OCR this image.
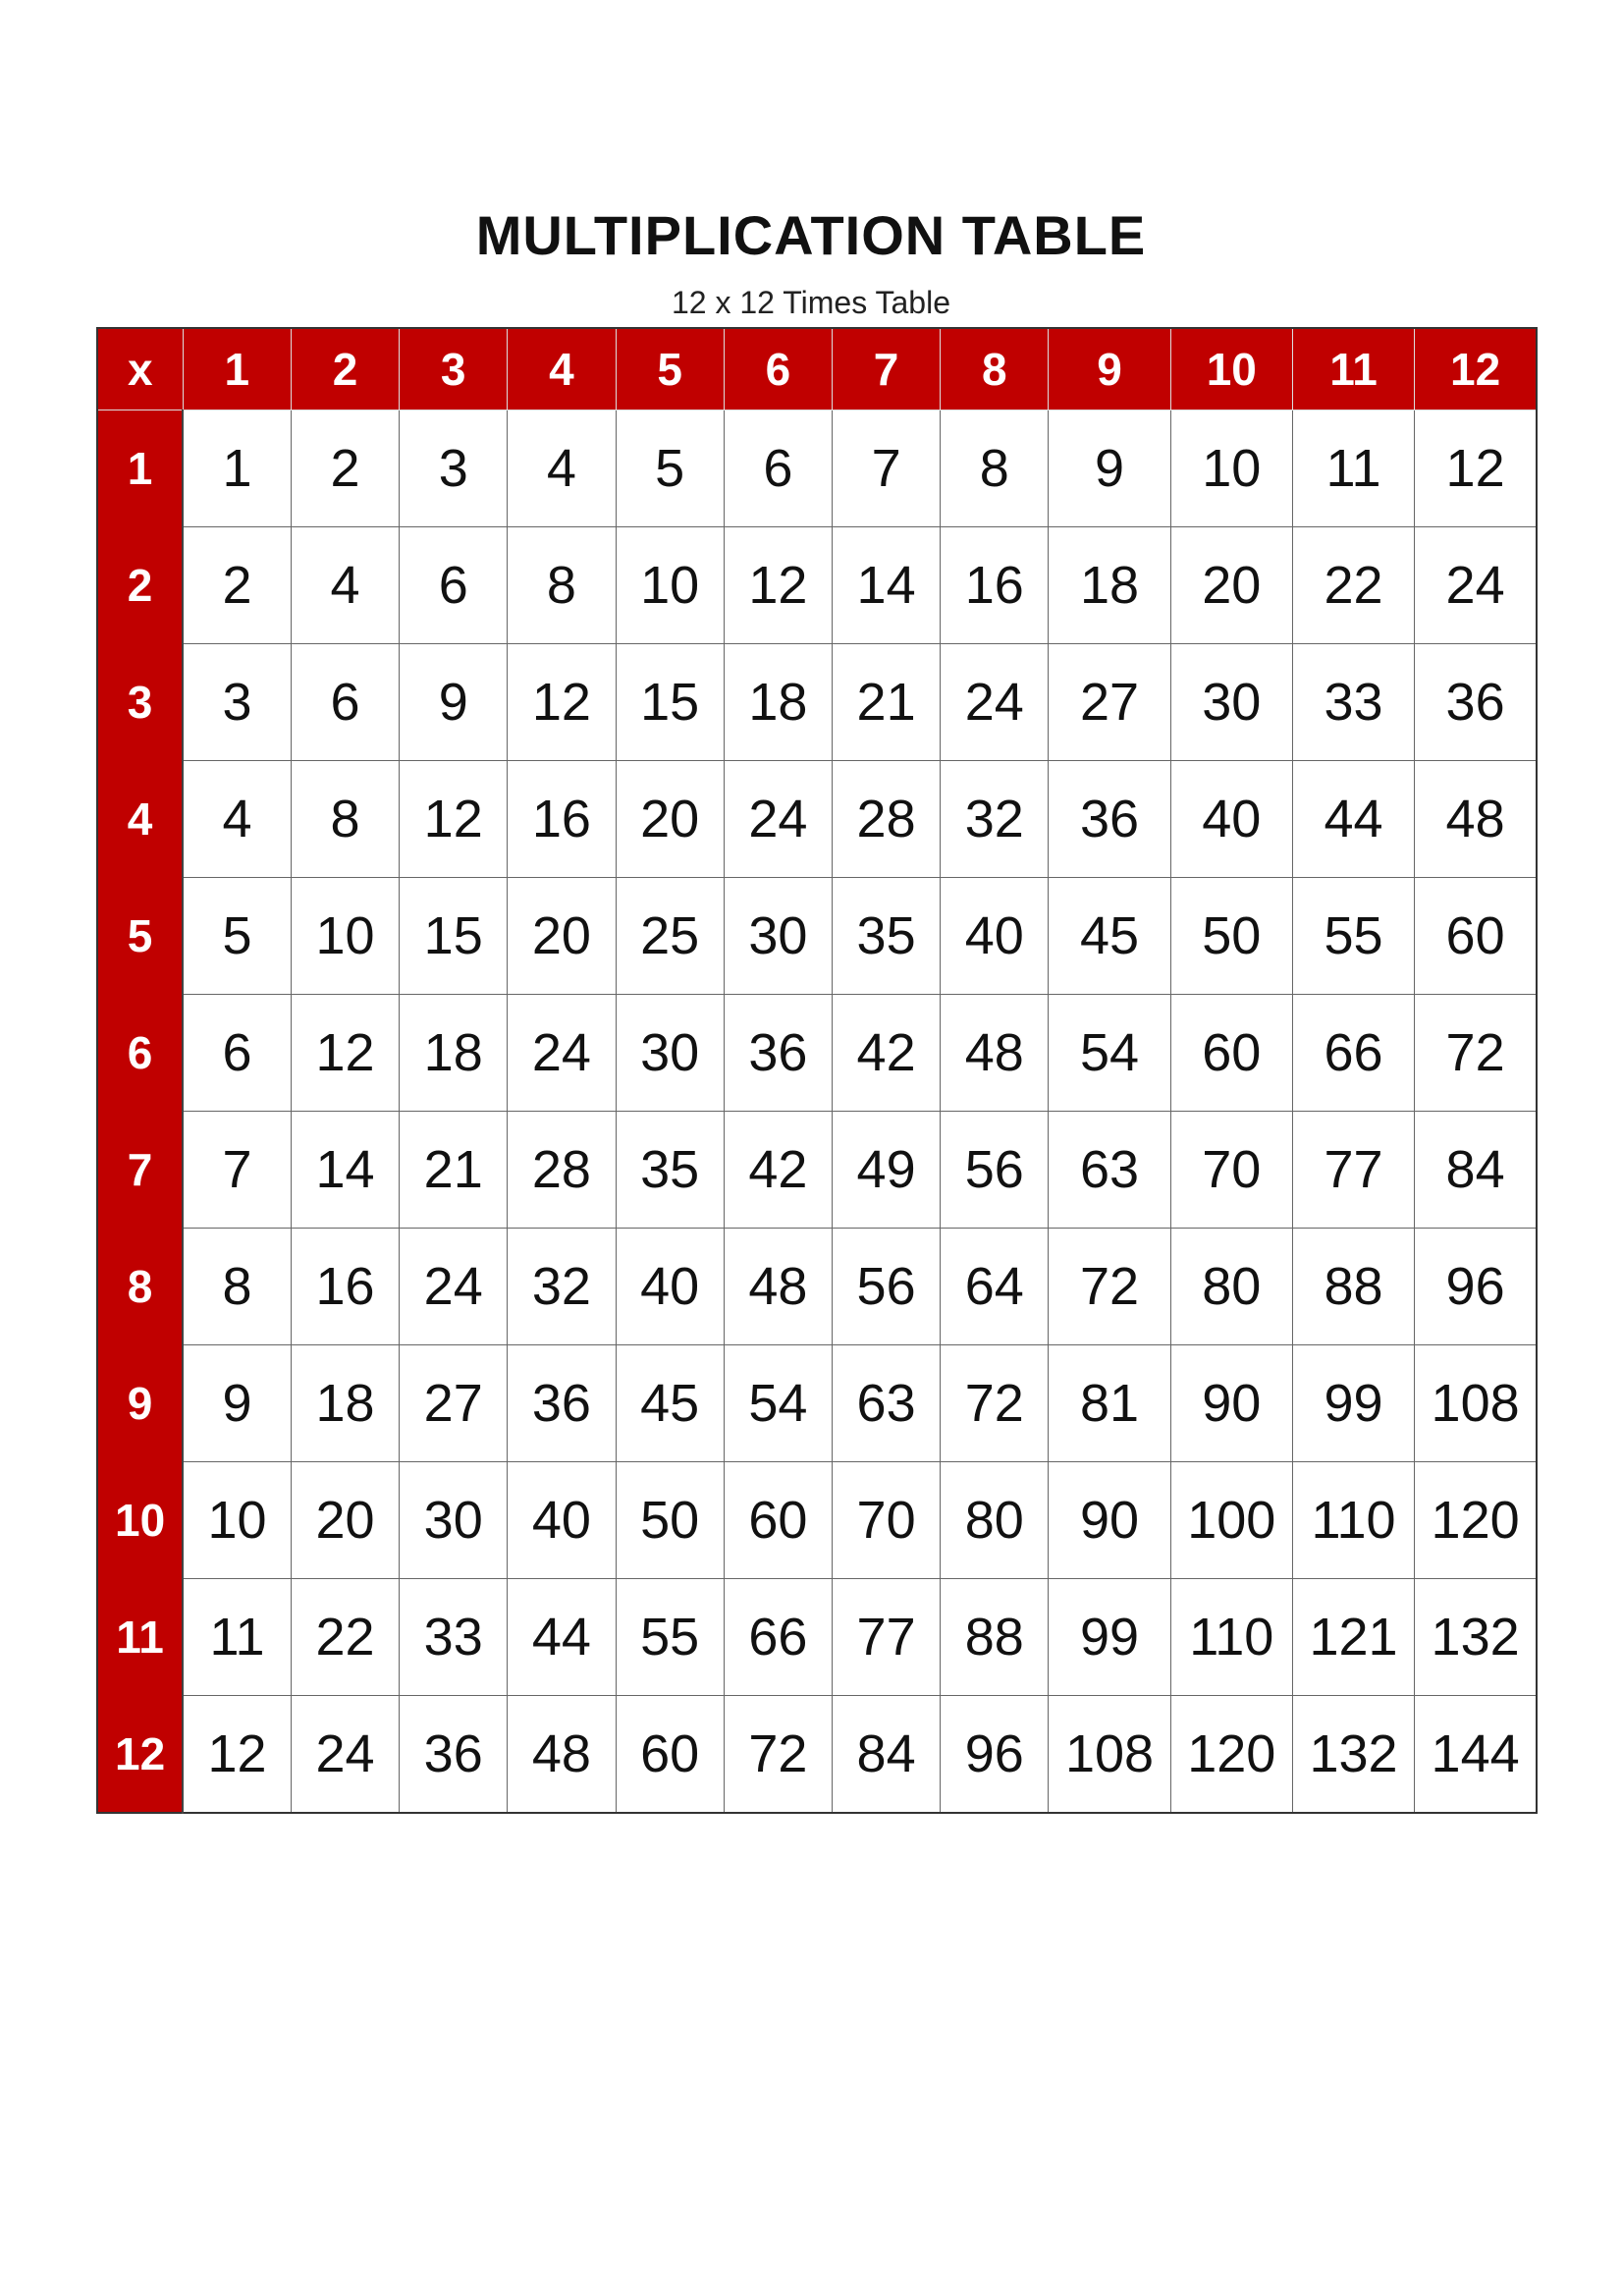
MULTIPLICATION TABLE
12 x 12 Times Table
x	1	2	3	4	5	6	7	8	9	10	11	12
1	1	2	3	4	5	6	7	8	9	10	11	12
2	2	4	6	8	10	12	14	16	18	20	22	24
3	3	6	9	12	15	18	21	24	27	30	33	36
4	4	8	12	16	20	24	28	32	36	40	44	48
5	5	10	15	20	25	30	35	40	45	50	55	60
6	6	12	18	24	30	36	42	48	54	60	66	72
7	7	14	21	28	35	42	49	56	63	70	77	84
8	8	16	24	32	40	48	56	64	72	80	88	96
9	9	18	27	36	45	54	63	72	81	90	99	108
10	10	20	30	40	50	60	70	80	90	100	110	120
11	11	22	33	44	55	66	77	88	99	110	121	132
12	12	24	36	48	60	72	84	96	108	120	132	144
